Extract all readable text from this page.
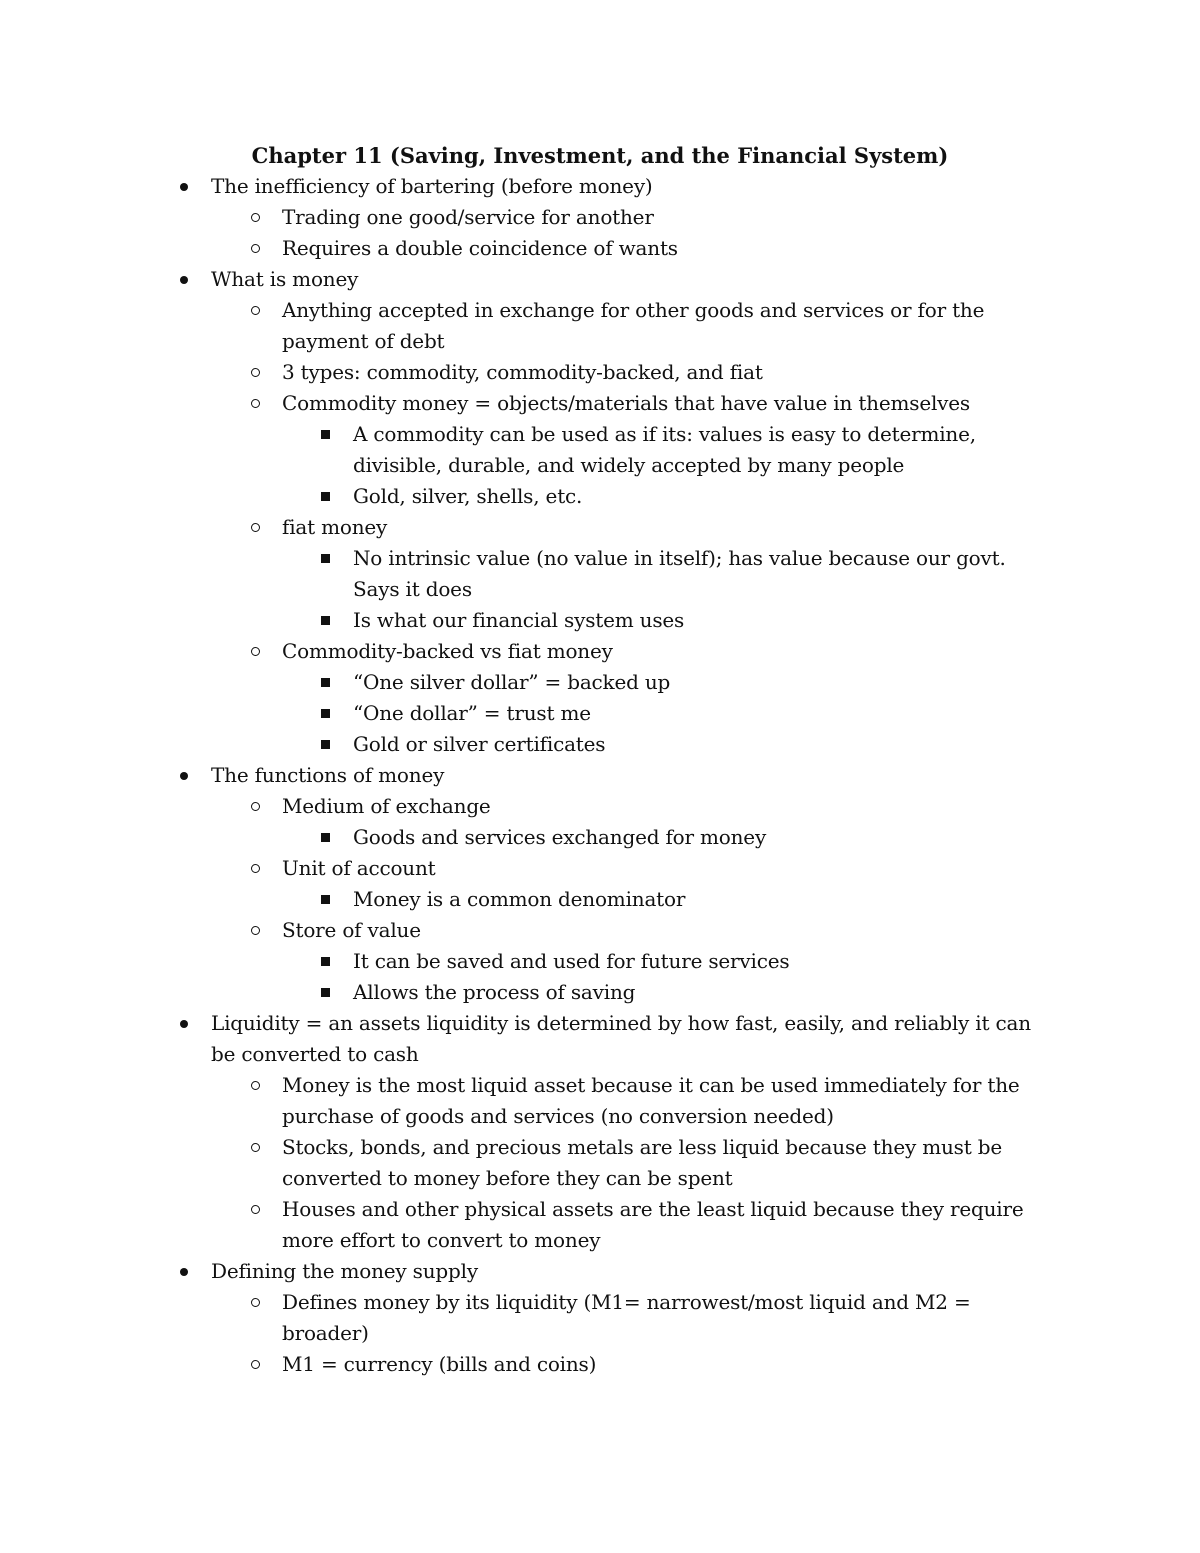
Chapter 11 (Saving, Investment, and the Financial System)
The inefficiency of bartering (before money)
Trading one good/service for another
Requires a double coincidence of wants
What is money
Anything accepted in exchange for other goods and services or for the payment of debt
3 types: commodity, commodity-backed, and fiat
Commodity money = objects/materials that have value in themselves
A commodity can be used as if its: values is easy to determine, divisible, durable, and widely accepted by many people
Gold, silver, shells, etc.
fiat money
No intrinsic value (no value in itself); has value because our govt. Says it does
Is what our financial system uses
Commodity-backed vs fiat money
“One silver dollar” = backed up
“One dollar” = trust me
Gold or silver certificates
The functions of money
Medium of exchange
Goods and services exchanged for money
Unit of account
Money is a common denominator
Store of value
It can be saved and used for future services
Allows the process of saving
Liquidity = an assets liquidity is determined by how fast, easily, and reliably it can be converted to cash
Money is the most liquid asset because it can be used immediately for the purchase of goods and services (no conversion needed)
Stocks, bonds, and precious metals are less liquid because they must be converted to money before they can be spent
Houses and other physical assets are the least liquid because they require more effort to convert to money
Defining the money supply
Defines money by its liquidity (M1= narrowest/most liquid and M2 = broader)
M1 = currency (bills and coins)
